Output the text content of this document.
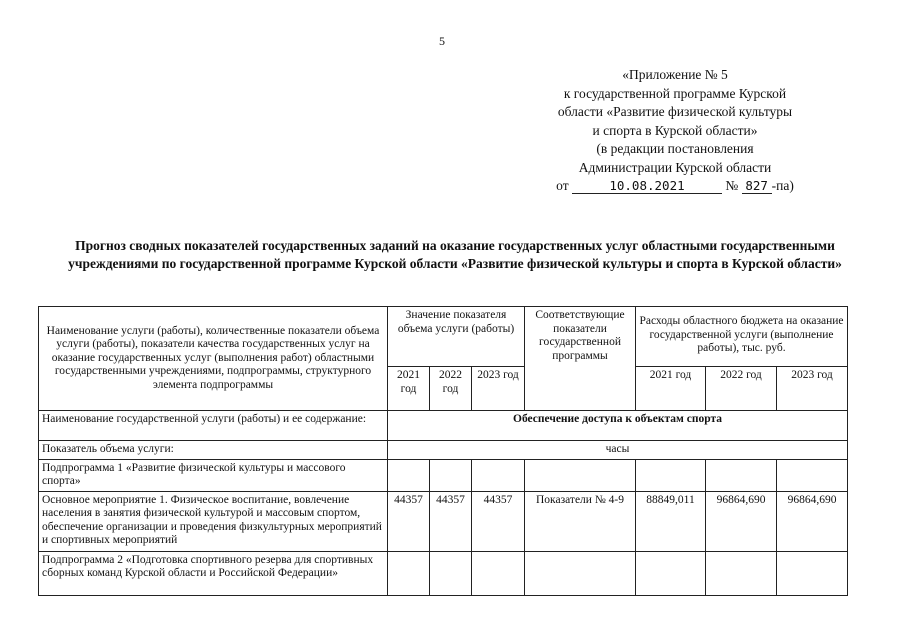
5
«Приложение № 5
к государственной программе Курской
области «Развитие физической культуры
и спорта в Курской области»
(в редакции постановления
Администрации Курской области
от	10.08.2021	№ 827 -па)
Прогноз сводных показателей государственных заданий на оказание государственных услуг областными государственными учреждениями по государственной программе Курской области «Развитие физической культуры и спорта в Курской области»
Наименование услуги (работы), количественные показатели объема услуги (работы), показатели качества государственных услуг на оказание государственных услуг (выполнения работ) областными государственными учреждениями, подпрограммы, структурного элемента подпрограммы	Значение показателя объема услуги (работы)			Соответствующие показатели государственной программы	Расходы областного бюджета на оказание государственной услуги (выполнение работы), тыс. руб.		
	2021 год	2022 год	2023 год		2021 год	2022 год	2023 год
Наименование государственной услуги (работы) и ее содержание:	Обеспечение доступа к объектам спорта						
Показатель объема услуги:	часы						
Подпрограмма 1 «Развитие физической культуры и массового спорта»							
Основное мероприятие 1. Физическое воспитание, вовлечение населения в занятия физической культурой и массовым спортом, обеспечение организации и проведения физкультурных мероприятий и спортивных мероприятий	44357	44357	44357	Показатели № 4-9	88849,011	96864,690	96864,690
Подпрограмма 2 «Подготовка спортивного резерва для спортивных сборных команд Курской области и Российской Федерации»							
